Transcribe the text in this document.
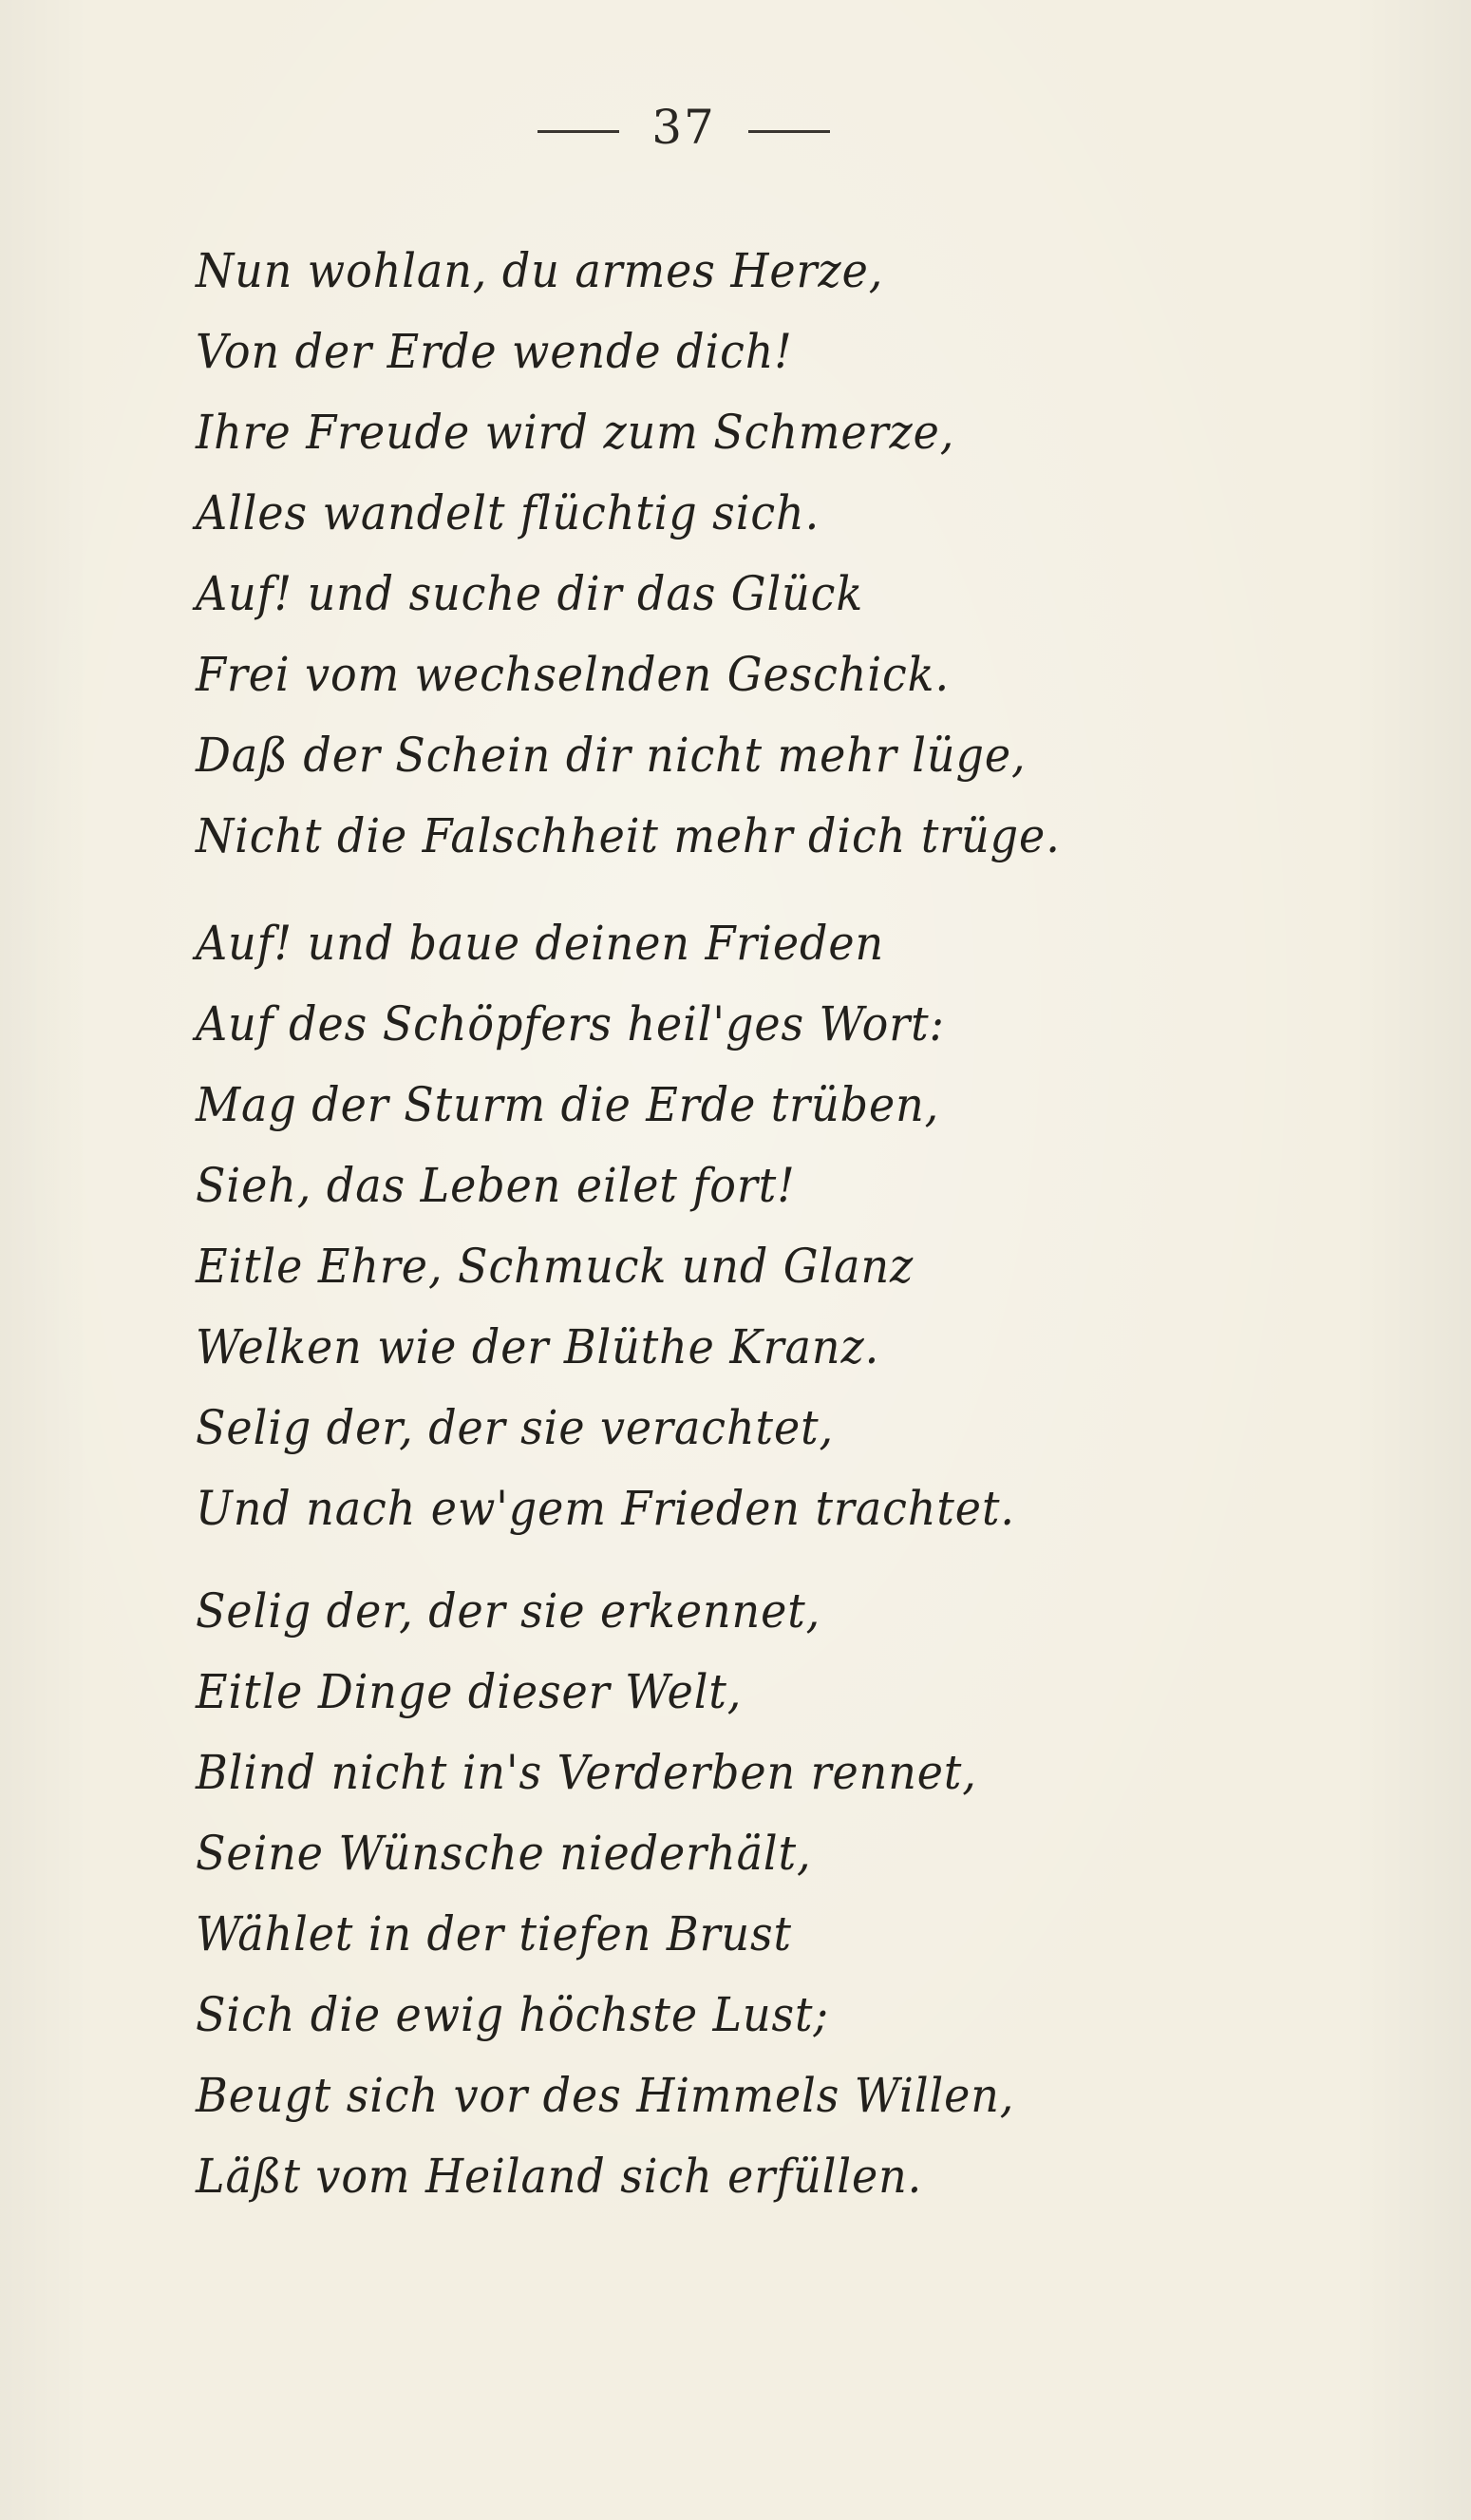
37
Nun wohlan, du armes Herze,
Von der Erde wende dich!
Ihre Freude wird zum Schmerze,
Alles wandelt flüchtig sich.
Auf! und suche dir das Glück
Frei vom wechselnden Geschick.
Daß der Schein dir nicht mehr lüge,
Nicht die Falschheit mehr dich trüge.
Auf! und baue deinen Frieden
Auf des Schöpfers heil'ges Wort:
Mag der Sturm die Erde trüben,
Sieh, das Leben eilet fort!
Eitle Ehre, Schmuck und Glanz
Welken wie der Blüthe Kranz.
Selig der, der sie verachtet,
Und nach ew'gem Frieden trachtet.
Selig der, der sie erkennet,
Eitle Dinge dieser Welt,
Blind nicht in's Verderben rennet,
Seine Wünsche niederhält,
Wählet in der tiefen Brust
Sich die ewig höchste Lust;
Beugt sich vor des Himmels Willen,
Läßt vom Heiland sich erfüllen.
